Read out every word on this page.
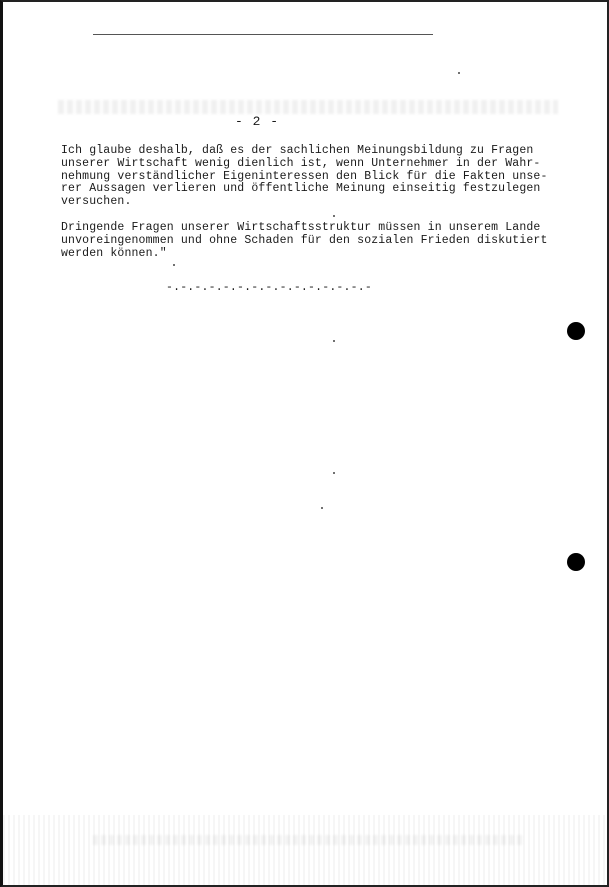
- 2 -
Ich glaube deshalb, daß es der sachlichen Meinungsbildung zu Fragen
unserer Wirtschaft wenig dienlich ist, wenn Unternehmer in der Wahr-
nehmung verständlicher Eigeninteressen den Blick für die Fakten unse-
rer Aussagen verlieren und öffentliche Meinung einseitig festzulegen
versuchen.
Dringende Fragen unserer Wirtschaftsstruktur müssen in unserem Lande
unvoreingenommen und ohne Schaden für den sozialen Frieden diskutiert
werden können."
-.-.-.-.-.-.-.-.-.-.-.-.-.-.-
